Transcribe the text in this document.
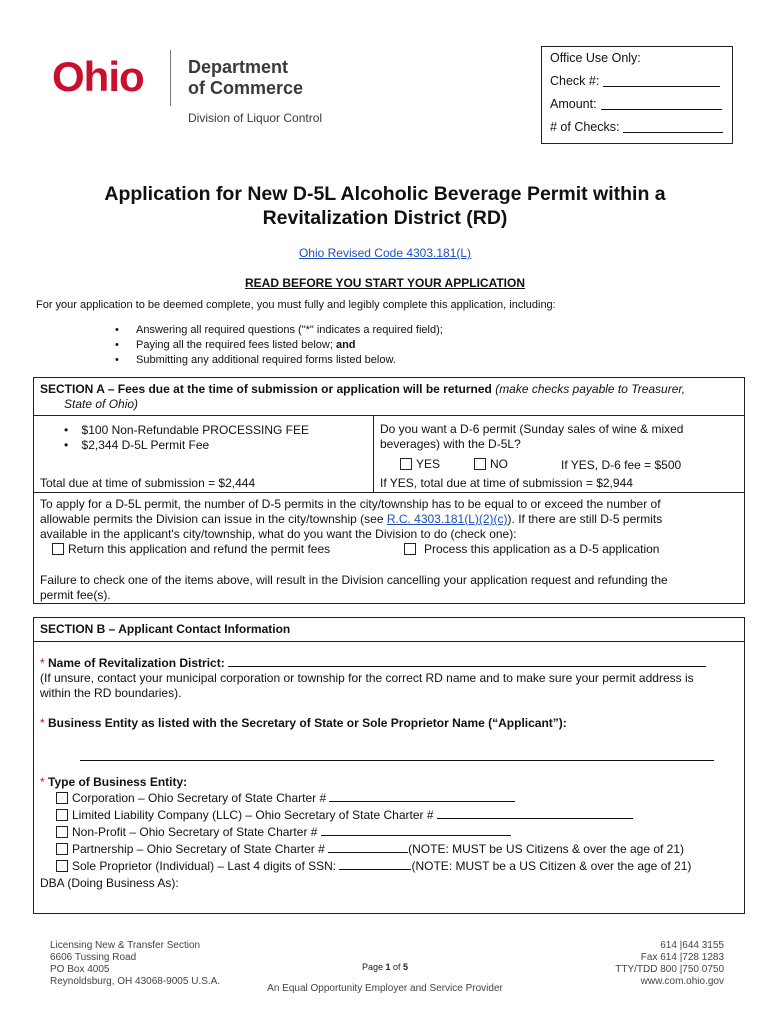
Ohio Department
of Commerce
Division of Liquor Control
Office Use Only:
Check #:
Amount:
# of Checks:
Application for New D-5L Alcoholic Beverage Permit within a
Revitalization District (RD)
Ohio Revised Code 4303.181(L)
READ BEFORE YOU START YOUR APPLICATION
For your application to be deemed complete, you must fully and legibly complete this application, including:
• Answering all required questions ("*" indicates a required field);
• Paying all the required fees listed below; and
• Submitting any additional required forms listed below.
SECTION A – Fees due at the time of submission or application will be returned (make checks payable to Treasurer,
State of Ohio)
•    $100 Non-Refundable PROCESSING FEE
•    $2,344 D-5L Permit Fee
Total due at time of submission = $2,444
Do you want a D-6 permit (Sunday sales of wine & mixed
beverages) with the D-5L?
YES	NO	If YES, D-6 fee = $500
If YES, total due at time of submission = $2,944
To apply for a D-5L permit, the number of D-5 permits in the city/township has to be equal to or exceed the number of
allowable permits the Division can issue in the city/township (see R.C. 4303.181(L)(2)(c)). If there are still D-5 permits
available in the applicant's city/township, what do you want the Division to do (check one):
Return this application and refund the permit fees	Process this application as a D-5 application
Failure to check one of the items above, will result in the Division cancelling your application request and refunding the
permit fee(s).
SECTION B – Applicant Contact Information
* Name of Revitalization District:
(If unsure, contact your municipal corporation or township for the correct RD name and to make sure your permit address is
within the RD boundaries).
* Business Entity as listed with the Secretary of State or Sole Proprietor Name (“Applicant”):
* Type of Business Entity:
Corporation – Ohio Secretary of State Charter #
Limited Liability Company (LLC) – Ohio Secretary of State Charter #
Non-Profit – Ohio Secretary of State Charter #
Partnership – Ohio Secretary of State Charter #	(NOTE: MUST be US Citizens & over the age of 21)
Sole Proprietor (Individual) – Last 4 digits of SSN:	(NOTE: MUST be a US Citizen & over the age of 21)
DBA (Doing Business As):
Licensing New & Transfer Section
6606 Tussing Road
PO Box 4005
Reynoldsburg, OH 43068-9005 U.S.A.
Page 1 of 5
An Equal Opportunity Employer and Service Provider
614 |644 3155
Fax 614 |728 1283
TTY/TDD 800 |750 0750
www.com.ohio.gov
